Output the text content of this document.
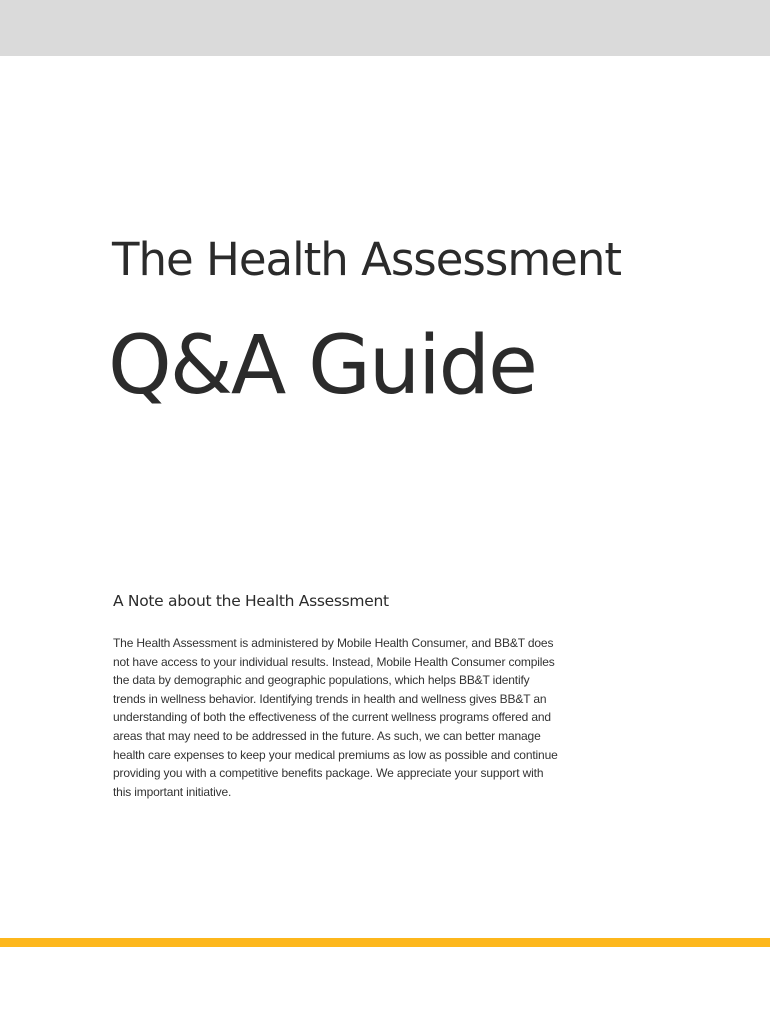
The Health Assessment
Q&A Guide
A Note about the Health Assessment

The Health Assessment is administered by Mobile Health Consumer, and BB&T does
not have access to your individual results. Instead, Mobile Health Consumer compiles
the data by demographic and geographic populations, which helps BB&T identify
trends in wellness behavior. Identifying trends in health and wellness gives BB&T an
understanding of both the effectiveness of the current wellness programs offered and
areas that may need to be addressed in the future. As such, we can better manage
health care expenses to keep your medical premiums as low as possible and continue
providing you with a competitive benefits package. We appreciate your support with
this important initiative.
